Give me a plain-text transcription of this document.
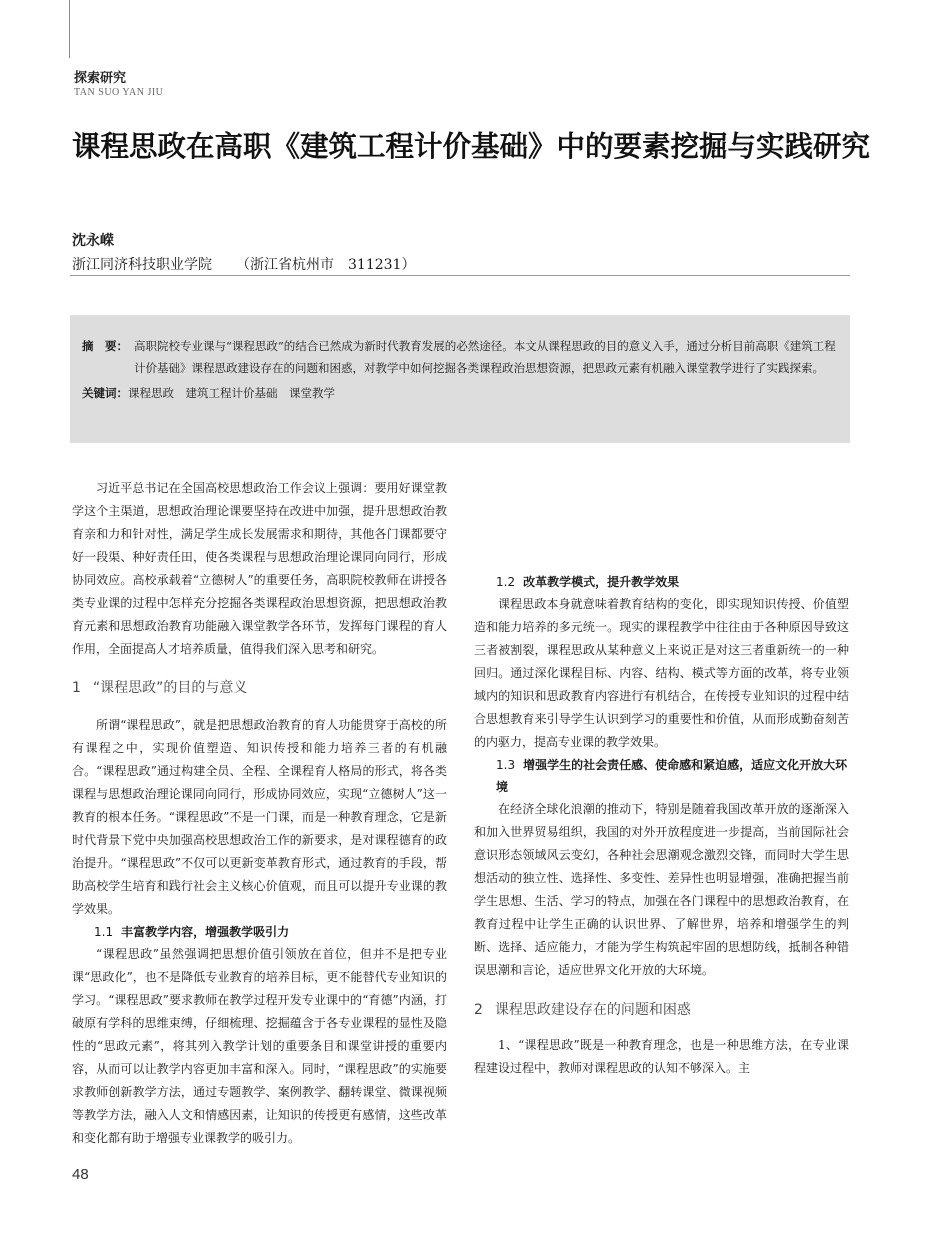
探索研究
TAN SUO YAN JIU
课程思政在高职《建筑工程计价基础》中的要素挖掘与实践研究
沈永嵘
浙江同济科技职业学院 （浙江省杭州市　311231）
摘　要： 高职院校专业课与“课程思政”的结合已然成为新时代教育发展的必然途径。本文从课程思政的目的意义入手，通过分析目前高职《建筑工程计价基础》课程思政建设存在的问题和困惑，对教学中如何挖掘各类课程政治思想资源，把思政元素有机融入课堂教学进行了实践探索。
关键词： 课程思政　建筑工程计价基础　课堂教学

习近平总书记在全国高校思想政治工作会议上强调：要用好课堂教学这个主渠道，思想政治理论课要坚持在改进中加强，提升思想政治教育亲和力和针对性，满足学生成长发展需求和期待，其他各门课都要守好一段渠、种好责任田，使各类课程与思想政治理论课同向同行，形成协同效应。高校承载着“立德树人”的重要任务，高职院校教师在讲授各类专业课的过程中怎样充分挖掘各类课程政治思想资源，把思想政治教育元素和思想政治教育功能融入课堂教学各环节，发挥每门课程的育人作用，全面提高人才培养质量，值得我们深入思考和研究。

1 “课程思政”的目的与意义

所谓“课程思政”，就是把思想政治教育的育人功能贯穿于高校的所有课程之中，实现价值塑造、知识传授和能力培养三者的有机融合。“课程思政”通过构建全员、全程、全课程育人格局的形式，将各类课程与思想政治理论课同向同行，形成协同效应，实现“立德树人”这一教育的根本任务。“课程思政”不是一门课，而是一种教育理念，它是新时代背景下党中央加强高校思想政治工作的新要求，是对课程德育的政治提升。“课程思政”不仅可以更新变革教育形式，通过教育的手段，帮助高校学生培育和践行社会主义核心价值观，而且可以提升专业课的教学效果。

1.1 丰富教学内容，增强教学吸引力

“课程思政”虽然强调把思想价值引领放在首位，但并不是把专业课“思政化”，也不是降低专业教育的培养目标，更不能替代专业知识的学习。“课程思政”要求教师在教学过程开发专业课中的“育德”内涵，打破原有学科的思维束缚，仔细梳理、挖掘蕴含于各专业课程的显性及隐性的“思政元素”，将其列入教学计划的重要条目和课堂讲授的重要内容，从而可以让教学内容更加丰富和深入。同时，“课程思政”的实施要求教师创新教学方法，通过专题教学、案例教学、翻转课堂、微课视频等教学方法，融入人文和情感因素，让知识的传授更有感情，这些改革和变化都有助于增强专业课教学的吸引力。

1.2 改革教学模式，提升教学效果

课程思政本身就意味着教育结构的变化，即实现知识传授、价值塑造和能力培养的多元统一。现实的课程教学中往往由于各种原因导致这三者被割裂，课程思政从某种意义上来说正是对这三者重新统一的一种回归。通过深化课程目标、内容、结构、模式等方面的改革，将专业领域内的知识和思政教育内容进行有机结合，在传授专业知识的过程中结合思想教育来引导学生认识到学习的重要性和价值，从而形成勤奋刻苦的内驱力，提高专业课的教学效果。

1.3 增强学生的社会责任感、使命感和紧迫感，适应文化开放大环境

在经济全球化浪潮的推动下，特别是随着我国改革开放的逐渐深入和加入世界贸易组织，我国的对外开放程度进一步提高，当前国际社会意识形态领域风云变幻，各种社会思潮观念激烈交锋，而同时大学生思想活动的独立性、选择性、多变性、差异性也明显增强，准确把握当前学生思想、生活、学习的特点，加强在各门课程中的思想政治教育，在教育过程中让学生正确的认识世界、了解世界，培养和增强学生的判断、选择、适应能力，才能为学生构筑起牢固的思想防线，抵制各种错误思潮和言论，适应世界文化开放的大环境。

2 课程思政建设存在的问题和困惑

1、“课程思政”既是一种教育理念，也是一种思维方法，在专业课程建设过程中，教师对课程思政的认知不够深入。主

48
